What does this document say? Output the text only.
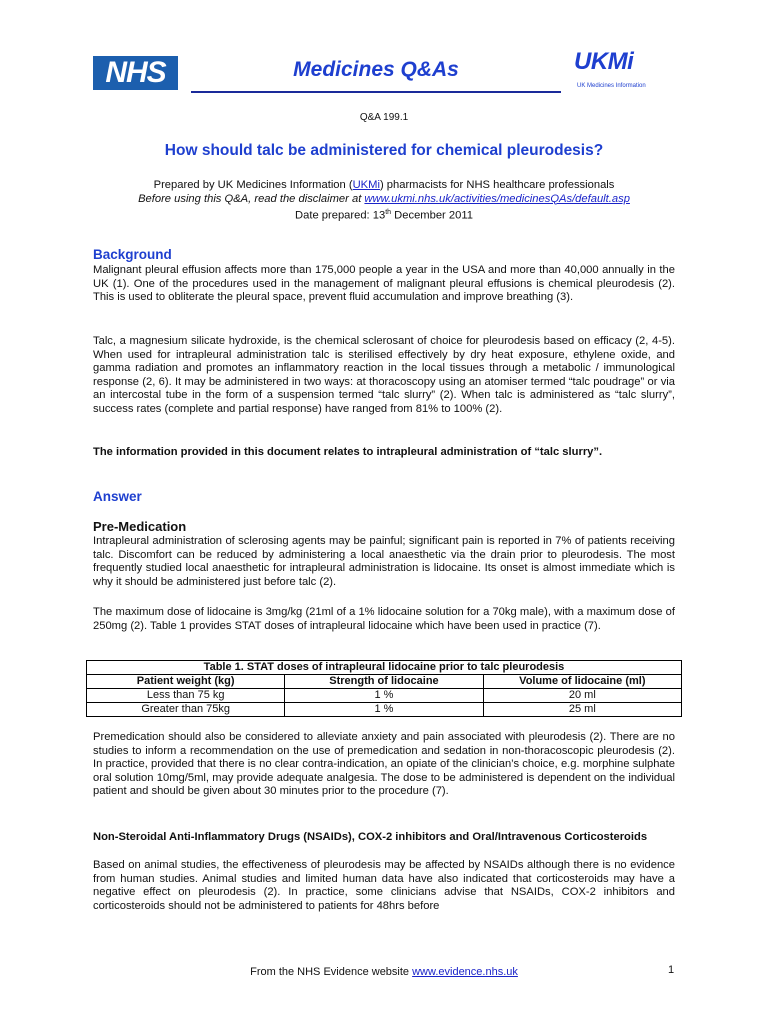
NHS	Medicines Q&As	UKMi
UK Medicines Information
Q&A 199.1
How should talc be administered for chemical pleurodesis?
Prepared by UK Medicines Information (UKMi) pharmacists for NHS healthcare professionals
Before using this Q&A, read the disclaimer at www.ukmi.nhs.uk/activities/medicinesQAs/default.asp
Date prepared: 13th December 2011
Background

Malignant pleural effusion affects more than 175,000 people a year in the USA and more than 40,000 annually in the UK (1). One of the procedures used in the management of malignant pleural effusions is chemical pleurodesis (2). This is used to obliterate the pleural space, prevent fluid accumulation and improve breathing (3).

Talc, a magnesium silicate hydroxide, is the chemical sclerosant of choice for pleurodesis based on efficacy (2, 4-5). When used for intrapleural administration talc is sterilised effectively by dry heat exposure, ethylene oxide, and gamma radiation and promotes an inflammatory reaction in the local tissues through a metabolic / immunological response (2, 6). It may be administered in two ways: at thoracoscopy using an atomiser termed “talc poudrage” or via an intercostal tube in the form of a suspension termed “talc slurry” (2). When talc is administered as “talc slurry”, success rates (complete and partial response) have ranged from 81% to 100% (2).

The information provided in this document relates to intrapleural administration of “talc slurry”.

Answer
Pre-Medication

Intrapleural administration of sclerosing agents may be painful; significant pain is reported in 7% of patients receiving talc. Discomfort can be reduced by administering a local anaesthetic via the drain prior to pleurodesis. The most frequently studied local anaesthetic for intrapleural administration is lidocaine. Its onset is almost immediate which is why it should be administered just before talc (2).

The maximum dose of lidocaine is 3mg/kg (21ml of a 1% lidocaine solution for a 70kg male), with a maximum dose of 250mg (2). Table 1 provides STAT doses of intrapleural lidocaine which have been used in practice (7).

Table 1. STAT doses of intrapleural lidocaine prior to talc pleurodesis		
Patient weight (kg)	Strength of lidocaine	Volume of lidocaine (ml)
Less than 75 kg	1 %	20 ml
Greater than 75kg	1 %	25 ml

Premedication should also be considered to alleviate anxiety and pain associated with pleurodesis (2). There are no studies to inform a recommendation on the use of premedication and sedation in non-thoracoscopic pleurodesis (2). In practice, provided that there is no clear contra-indication, an opiate of the clinician’s choice, e.g. morphine sulphate oral solution 10mg/5ml, may provide adequate analgesia. The dose to be administered is dependent on the individual patient and should be given about 30 minutes prior to the procedure (7).

Non-Steroidal Anti-Inflammatory Drugs (NSAIDs), COX-2 inhibitors and Oral/Intravenous Corticosteroids

Based on animal studies, the effectiveness of pleurodesis may be affected by NSAIDs although there is no evidence from human studies. Animal studies and limited human data have also indicated that corticosteroids may have a negative effect on pleurodesis (2). In practice, some clinicians advise that NSAIDs, COX-2 inhibitors and corticosteroids should not be administered to patients for 48hrs before

From the NHS Evidence website www.evidence.nhs.uk	1
